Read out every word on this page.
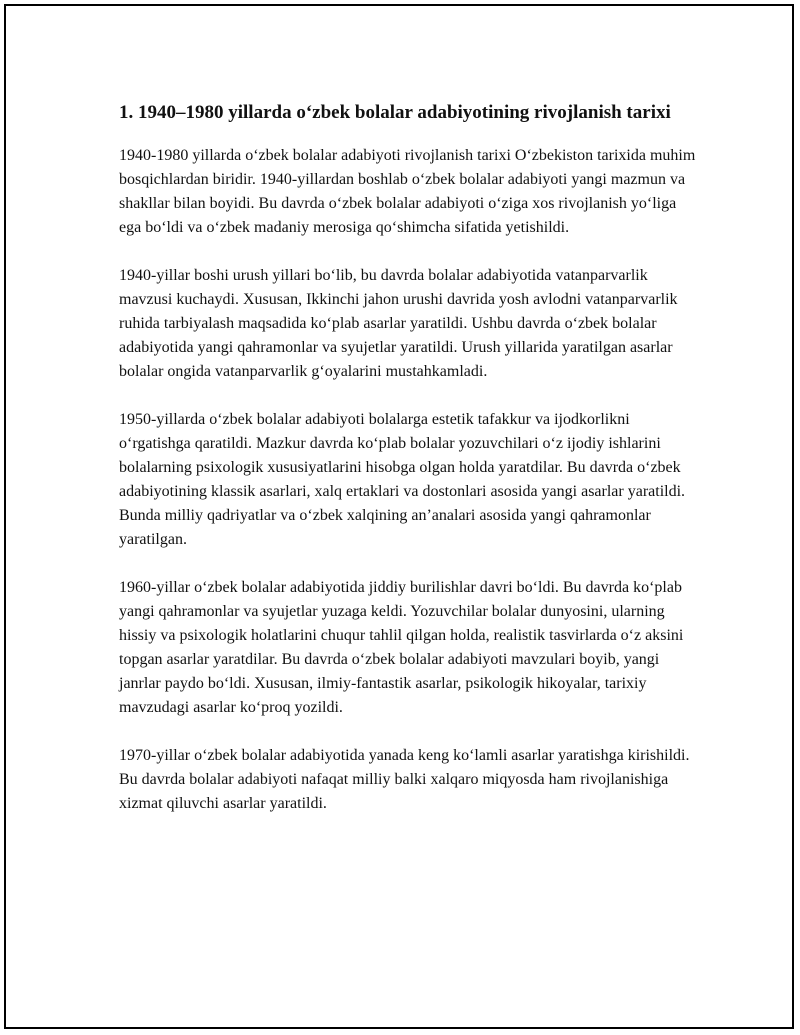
1. 1940–1980 yillarda o‘zbek bolalar adabiyotining rivojlanish tarixi

1940-1980 yillarda o‘zbek bolalar adabiyoti rivojlanish tarixi O‘zbekiston tarixida muhim bosqichlardan biridir. 1940-yillardan boshlab o‘zbek bolalar adabiyoti yangi mazmun va shakllar bilan boyidi. Bu davrda o‘zbek bolalar adabiyoti o‘ziga xos rivojlanish yo‘liga ega bo‘ldi va o‘zbek madaniy merosiga qo‘shimcha sifatida yetishildi.

1940-yillar boshi urush yillari bo‘lib, bu davrda bolalar adabiyotida vatanparvarlik mavzusi kuchaydi. Xususan, Ikkinchi jahon urushi davrida yosh avlodni vatanparvarlik ruhida tarbiyalash maqsadida ko‘plab asarlar yaratildi. Ushbu davrda o‘zbek bolalar adabiyotida yangi qahramonlar va syujetlar yaratildi. Urush yillarida yaratilgan asarlar bolalar ongida vatanparvarlik g‘oyalarini mustahkamladi.

1950-yillarda o‘zbek bolalar adabiyoti bolalarga estetik tafakkur va ijodkorlikni o‘rgatishga qaratildi. Mazkur davrda ko‘plab bolalar yozuvchilari o‘z ijodiy ishlarini bolalarning psixologik xususiyatlarini hisobga olgan holda yaratdilar. Bu davrda o‘zbek adabiyotining klassik asarlari, xalq ertaklari va dostonlari asosida yangi asarlar yaratildi. Bunda milliy qadriyatlar va o‘zbek xalqining an’analari asosida yangi qahramonlar yaratilgan.

1960-yillar o‘zbek bolalar adabiyotida jiddiy burilishlar davri bo‘ldi. Bu davrda ko‘plab yangi qahramonlar va syujetlar yuzaga keldi. Yozuvchilar bolalar dunyosini, ularning hissiy va psixologik holatlarini chuqur tahlil qilgan holda, realistik tasvirlarda o‘z aksini topgan asarlar yaratdilar. Bu davrda o‘zbek bolalar adabiyoti mavzulari boyib, yangi janrlar paydo bo‘ldi. Xususan, ilmiy-fantastik asarlar, psikologik hikoyalar, tarixiy mavzudagi asarlar ko‘proq yozildi.

1970-yillar o‘zbek bolalar adabiyotida yanada keng ko‘lamli asarlar yaratishga kirishildi. Bu davrda bolalar adabiyoti nafaqat milliy balki xalqaro miqyosda ham rivojlanishiga xizmat qiluvchi asarlar yaratildi.
